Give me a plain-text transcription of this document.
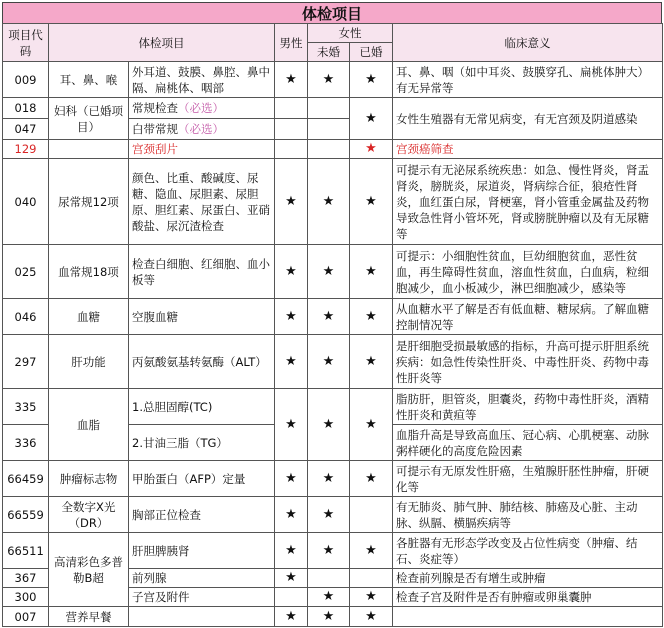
体检项目
项目代码	体检项目		男性	女性		临床意义
				未婚	已婚	
009	耳、鼻、喉	外耳道、鼓膜、鼻腔、鼻中隔、扁桃体、咽部	★	★	★	耳、鼻、咽（如中耳炎、鼓膜穿孔、扁桃体肿大）有无异常等
018	妇科（已婚项目）	常规检查（必选）			★	女性生殖器有无常见病变，有无宫颈及阴道感染
047		白带常规（必选）				
129		宫颈刮片			★	宫颈癌筛查
040	尿常规12项	颜色、比重、酸碱度、尿糖、隐血、尿胆素、尿胆原、胆红素、尿蛋白、亚硝酸盐、尿沉渣检查	★	★	★	可提示有无泌尿系统疾患：如急、慢性肾炎，肾盂肾炎，膀胱炎，尿道炎，肾病综合征，狼疮性肾炎，血红蛋白尿，肾梗塞，肾小管重金属盐及药物导致急性肾小管坏死，肾或膀胱肿瘤以及有无尿糖等
025	血常规18项	检查白细胞、红细胞、血小板等	★	★	★	可提示：小细胞性贫血，巨幼细胞贫血，恶性贫血，再生障碍性贫血，溶血性贫血，白血病，粒细胞减少，血小板减少，淋巴细胞减少，感染等
046	血糖	空腹血糖	★	★	★	从血糖水平了解是否有低血糖、糖尿病。了解血糖控制情况等
297	肝功能	丙氨酸氨基转氨酶（ALT）	★	★	★	是肝细胞受损最敏感的指标，升高可提示肝胆系统疾病：如急性传染性肝炎、中毒性肝炎、药物中毒性肝炎等
335	血脂	1.总胆固醇(TC)	★	★	★	脂肪肝，胆管炎，胆囊炎，药物中毒性肝炎，酒精性肝炎和黄疸等
336		2.甘油三脂（TG）				血脂升高是导致高血压、冠心病、心肌梗塞、动脉粥样硬化的高度危险因素
66459	肿瘤标志物	甲胎蛋白（AFP）定量	★	★	★	可提示有无原发性肝癌，生殖腺肝胚性肿瘤，肝硬化等
66559	全数字X光（DR）	胸部正位检查	★	★		有无肺炎、肺气肿、肺结核、肺癌及心脏、主动脉、纵膈、横膈疾病等
66511	高清彩色多普勒B超	肝胆脾胰肾	★	★	★	各脏器有无形态学改变及占位性病变（肿瘤、结石、炎症等）
367		前列腺	★			检查前列腺是否有增生或肿瘤
300		子宫及附件		★	★	检查子宫及附件是否有肿瘤或卵巢囊肿
007	营养早餐		★	★	★	
